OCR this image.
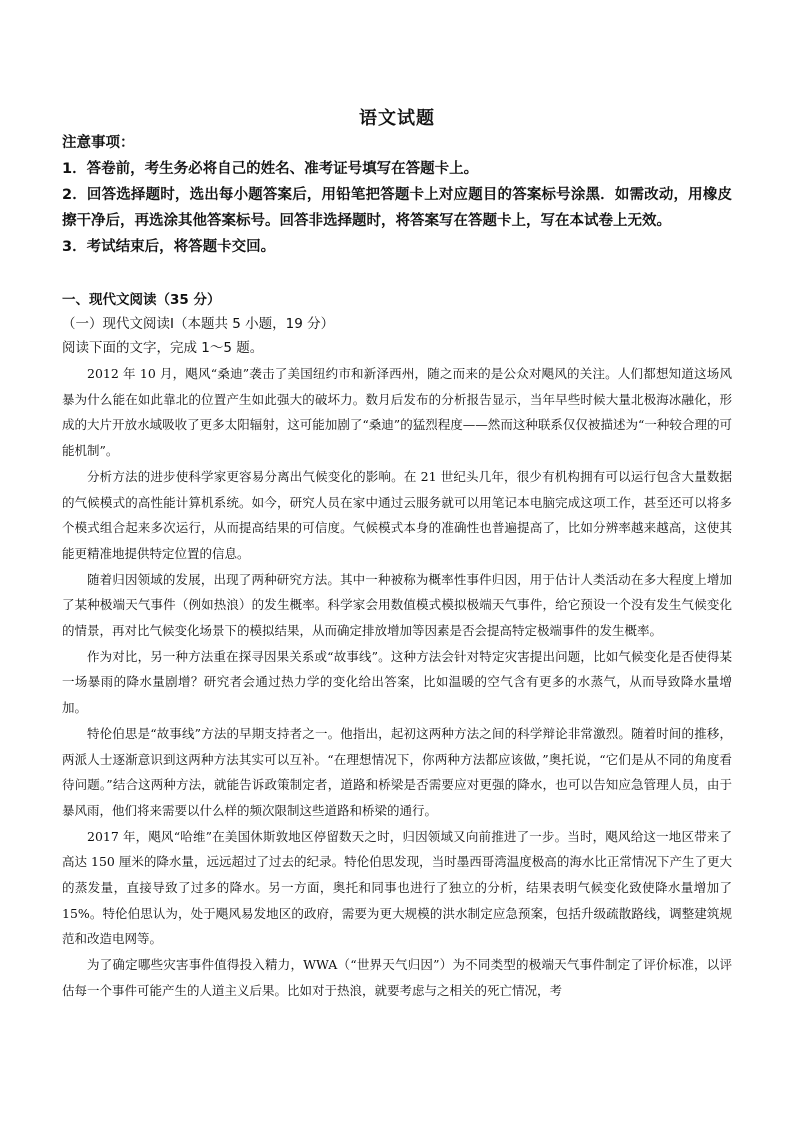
语文试题

注意事项：

1．答卷前，考生务必将自己的姓名、准考证号填写在答题卡上。

2．回答选择题时，选出每小题答案后，用铅笔把答题卡上对应题目的答案标号涂黑．如需改动，用橡皮擦干净后，再选涂其他答案标号。回答非选择题时，将答案写在答题卡上，写在本试卷上无效。

3．考试结束后，将答题卡交回。

一、现代文阅读（35 分）
（一）现代文阅读Ⅰ（本题共 5 小题，19 分）
阅读下面的文字，完成 1～5 题。

2012 年 10 月，飓风“桑迪”袭击了美国纽约市和新泽西州，随之而来的是公众对飓风的关注。人们都想知道这场风暴为什么能在如此靠北的位置产生如此强大的破坏力。数月后发布的分析报告显示，当年早些时候大量北极海冰融化，形成的大片开放水域吸收了更多太阳辐射，这可能加剧了“桑迪”的猛烈程度——然而这种联系仅仅被描述为“一种较合理的可能机制”。

分析方法的进步使科学家更容易分离出气候变化的影响。在 21 世纪头几年，很少有机构拥有可以运行包含大量数据的气候模式的高性能计算机系统。如今，研究人员在家中通过云服务就可以用笔记本电脑完成这项工作，甚至还可以将多个模式组合起来多次运行，从而提高结果的可信度。气候模式本身的准确性也普遍提高了，比如分辨率越来越高，这使其能更精准地提供特定位置的信息。

随着归因领域的发展，出现了两种研究方法。其中一种被称为概率性事件归因，用于估计人类活动在多大程度上增加了某种极端天气事件（例如热浪）的发生概率。科学家会用数值模式模拟极端天气事件，给它预设一个没有发生气候变化的情景，再对比气候变化场景下的模拟结果，从而确定排放增加等因素是否会提高特定极端事件的发生概率。

作为对比，另一种方法重在探寻因果关系或“故事线”。这种方法会针对特定灾害提出问题，比如气候变化是否使得某一场暴雨的降水量剧增？研究者会通过热力学的变化给出答案，比如温暖的空气含有更多的水蒸气，从而导致降水量增加。

特伦伯思是“故事线”方法的早期支持者之一。他指出，起初这两种方法之间的科学辩论非常激烈。随着时间的推移，两派人士逐渐意识到这两种方法其实可以互补。“在理想情况下，你两种方法都应该做，”奥托说，“它们是从不同的角度看待问题。”结合这两种方法，就能告诉政策制定者，道路和桥梁是否需要应对更强的降水，也可以告知应急管理人员，由于暴风雨，他们将来需要以什么样的频次限制这些道路和桥梁的通行。

2017 年，飓风“哈维”在美国休斯敦地区停留数天之时，归因领域又向前推进了一步。当时，飓风给这一地区带来了高达 150 厘米的降水量，远远超过了过去的纪录。特伦伯思发现，当时墨西哥湾温度极高的海水比正常情况下产生了更大的蒸发量，直接导致了过多的降水。另一方面，奥托和同事也进行了独立的分析，结果表明气候变化致使降水量增加了 15%。特伦伯思认为，处于飓风易发地区的政府，需要为更大规模的洪水制定应急预案，包括升级疏散路线，调整建筑规范和改造电网等。

为了确定哪些灾害事件值得投入精力，WWA（“世界天气归因”）为不同类型的极端天气事件制定了评价标准，以评估每一个事件可能产生的人道主义后果。比如对于热浪，就要考虑与之相关的死亡情况，考
